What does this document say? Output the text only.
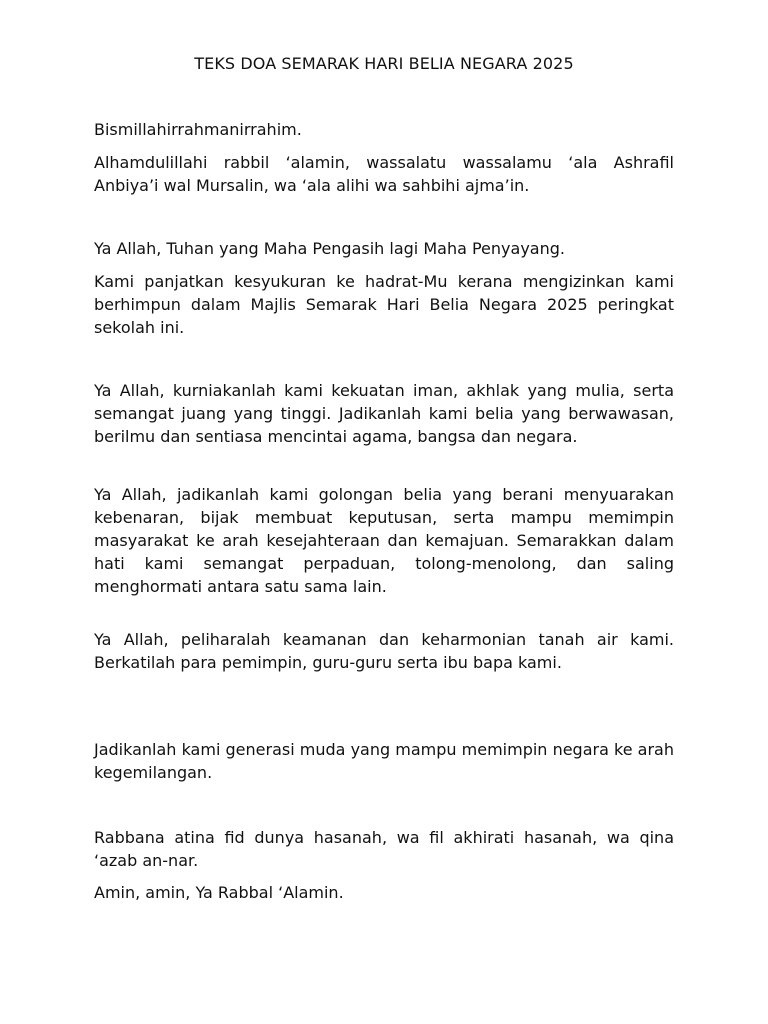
TEKS DOA SEMARAK HARI BELIA NEGARA 2025

Bismillahirrahmanirrahim.

Alhamdulillahi rabbil ‘alamin, wassalatu wassalamu ‘ala Ashrafil Anbiya’i wal Mursalin, wa ‘ala alihi wa sahbihi ajma’in.

Ya Allah, Tuhan yang Maha Pengasih lagi Maha Penyayang.

Kami panjatkan kesyukuran ke hadrat-Mu kerana mengizinkan kami berhimpun dalam Majlis Semarak Hari Belia Negara 2025 peringkat sekolah ini.

Ya Allah, kurniakanlah kami kekuatan iman, akhlak yang mulia, serta semangat juang yang tinggi. Jadikanlah kami belia yang berwawasan, berilmu dan sentiasa mencintai agama, bangsa dan negara.

Ya Allah, jadikanlah kami golongan belia yang berani menyuarakan kebenaran, bijak membuat keputusan, serta mampu memimpin masyarakat ke arah kesejahteraan dan kemajuan. Semarakkan dalam hati kami semangat perpaduan, tolong-menolong, dan saling menghormati antara satu sama lain.

Ya Allah, peliharalah keamanan dan keharmonian tanah air kami. Berkatilah para pemimpin, guru-guru serta ibu bapa kami.

Jadikanlah kami generasi muda yang mampu memimpin negara ke arah kegemilangan.

Rabbana atina fid dunya hasanah, wa fil akhirati hasanah, wa qina ‘azab an-nar.

Amin, amin, Ya Rabbal ‘Alamin.
